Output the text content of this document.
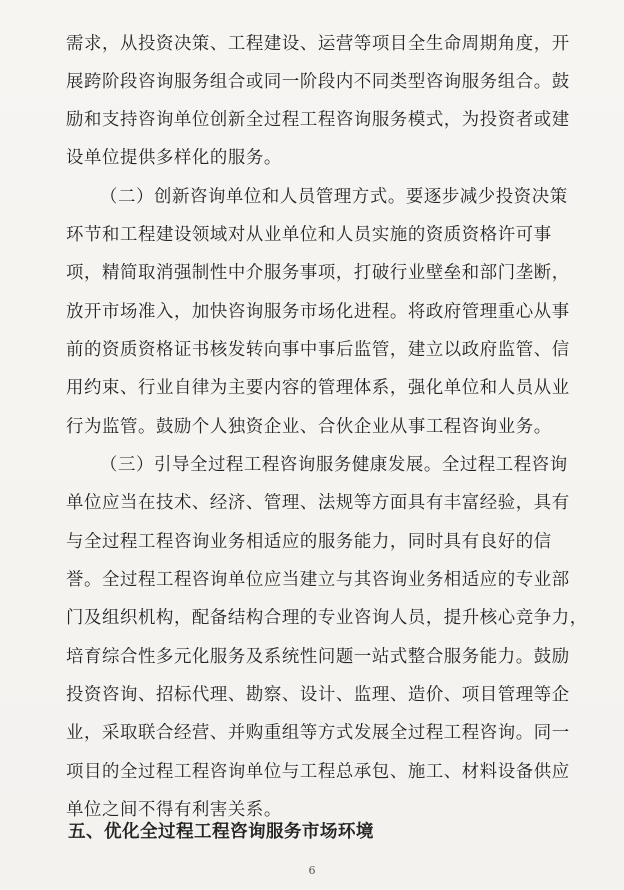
需求，从投资决策、工程建设、运营等项目全生命周期角度，开
展跨阶段咨询服务组合或同一阶段内不同类型咨询服务组合。鼓
励和支持咨询单位创新全过程工程咨询服务模式，为投资者或建
设单位提供多样化的服务。
（二）创新咨询单位和人员管理方式。要逐步减少投资决策
环节和工程建设领域对从业单位和人员实施的资质资格许可事
项，精简取消强制性中介服务事项，打破行业壁垒和部门垄断，
放开市场准入，加快咨询服务市场化进程。将政府管理重心从事
前的资质资格证书核发转向事中事后监管，建立以政府监管、信
用约束、行业自律为主要内容的管理体系，强化单位和人员从业
行为监管。鼓励个人独资企业、合伙企业从事工程咨询业务。
（三）引导全过程工程咨询服务健康发展。全过程工程咨询
单位应当在技术、经济、管理、法规等方面具有丰富经验，具有
与全过程工程咨询业务相适应的服务能力，同时具有良好的信
誉。全过程工程咨询单位应当建立与其咨询业务相适应的专业部
门及组织机构，配备结构合理的专业咨询人员，提升核心竞争力，
培育综合性多元化服务及系统性问题一站式整合服务能力。鼓励
投资咨询、招标代理、勘察、设计、监理、造价、项目管理等企
业，采取联合经营、并购重组等方式发展全过程工程咨询。同一
项目的全过程工程咨询单位与工程总承包、施工、材料设备供应
单位之间不得有利害关系。
五、优化全过程工程咨询服务市场环境
6
